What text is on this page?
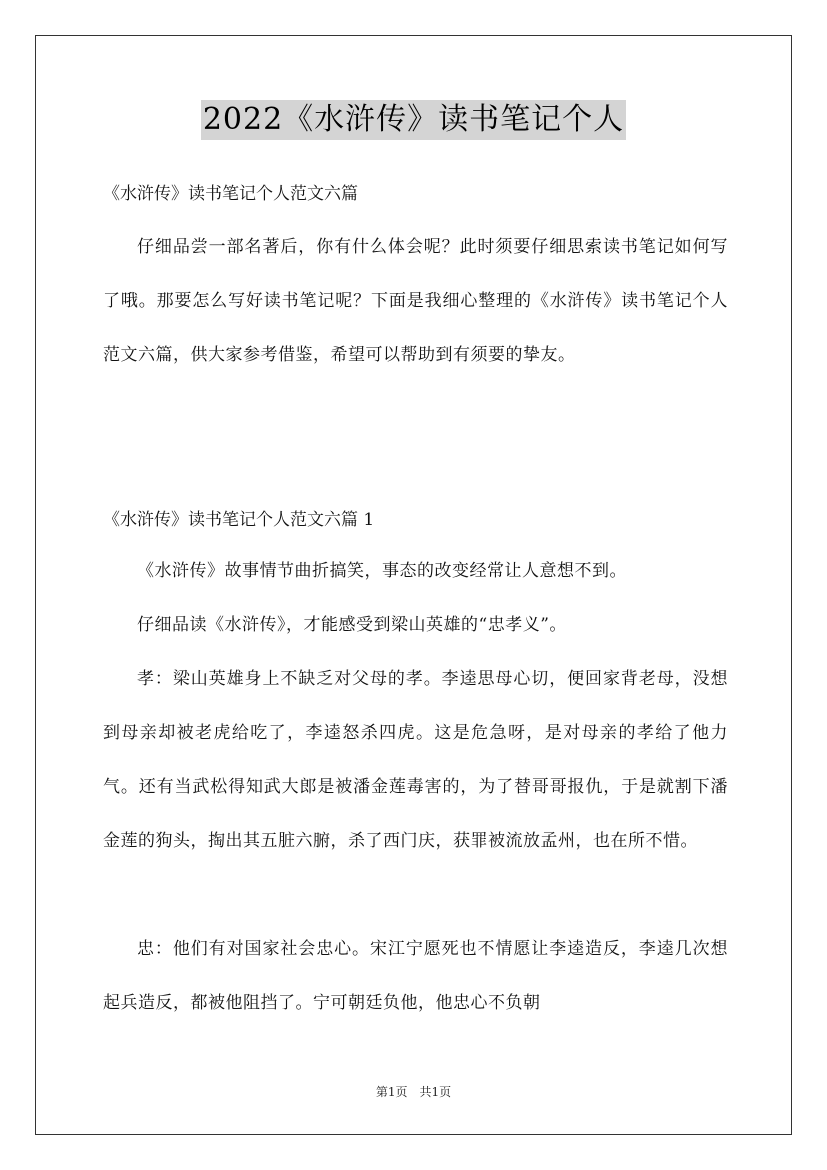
2022《水浒传》读书笔记个人
《水浒传》读书笔记个人范文六篇
仔细品尝一部名著后，你有什么体会呢？此时须要仔细思索读书笔记如何写了哦。那要怎么写好读书笔记呢？下面是我细心整理的《水浒传》读书笔记个人范文六篇，供大家参考借鉴，希望可以帮助到有须要的挚友。
《水浒传》读书笔记个人范文六篇 1
《水浒传》故事情节曲折搞笑，事态的改变经常让人意想不到。
仔细品读《水浒传》，才能感受到梁山英雄的“忠孝义”。
孝：梁山英雄身上不缺乏对父母的孝。李逵思母心切，便回家背老母，没想到母亲却被老虎给吃了，李逵怒杀四虎。这是危急呀，是对母亲的孝给了他力气。还有当武松得知武大郎是被潘金莲毒害的，为了替哥哥报仇，于是就割下潘金莲的狗头，掏出其五脏六腑，杀了西门庆，获罪被流放孟州，也在所不惜。
忠：他们有对国家社会忠心。宋江宁愿死也不情愿让李逵造反，李逵几次想起兵造反，都被他阻挡了。宁可朝廷负他，他忠心不负朝
第1页　共1页
